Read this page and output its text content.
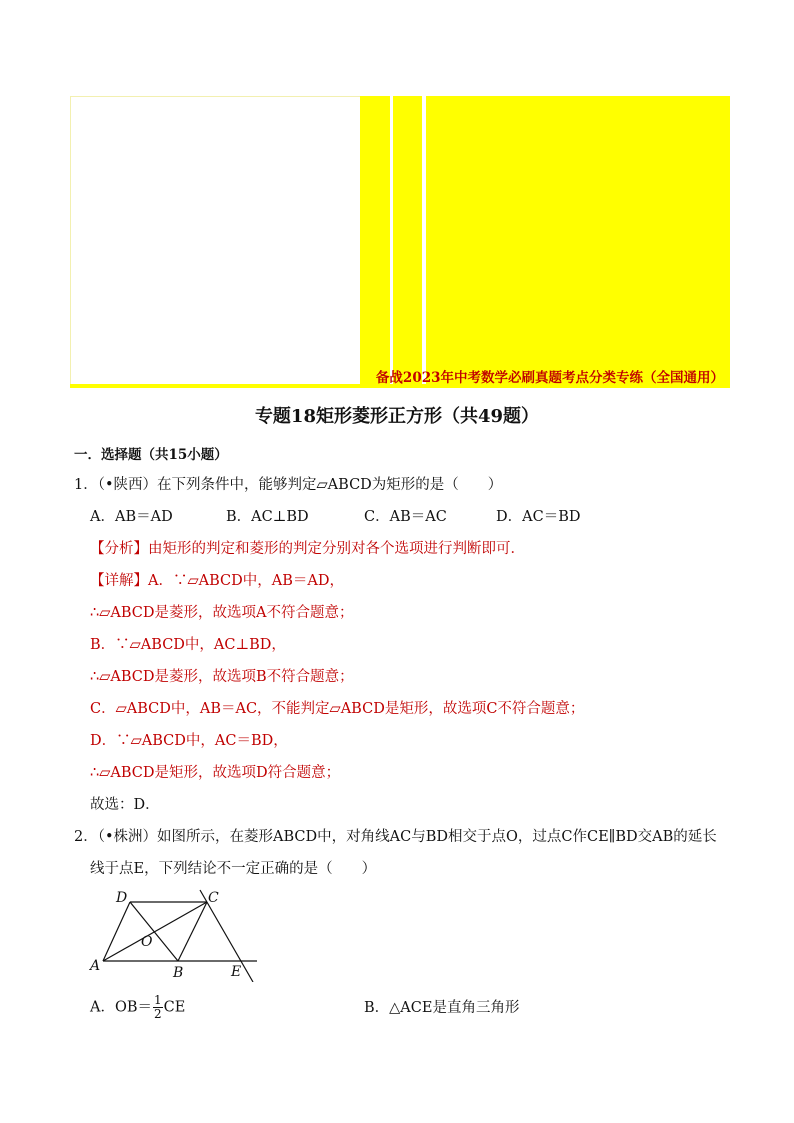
备战2023年中考数学必刷真题考点分类专练（全国通用）
专题18矩形菱形正方形（共49题）
一．选择题（共15小题）
1．（•陕西）在下列条件中，能够判定▱ABCD为矩形的是（　　）
A．AB＝AD	B．AC⊥BD	C．AB＝AC	D．AC＝BD
【分析】由矩形的判定和菱形的判定分别对各个选项进行判断即可．
【详解】A．∵▱ABCD中，AB＝AD，
∴▱ABCD是菱形，故选项A不符合题意；
B．∵▱ABCD中，AC⊥BD，
∴▱ABCD是菱形，故选项B不符合题意；
C．▱ABCD中，AB＝AC，不能判定▱ABCD是矩形，故选项C不符合题意；
D．∵▱ABCD中，AC＝BD，
∴▱ABCD是矩形，故选项D符合题意；
故选：D．
2．（•株洲）如图所示，在菱形ABCD中，对角线AC与BD相交于点O，过点C作CE∥BD交AB的延长
线于点E，下列结论不一定正确的是（　　）
A	B
C
D
E
O
A．$OB= \frac{1}{2}$ CE	B．△ACE是直角三角形
